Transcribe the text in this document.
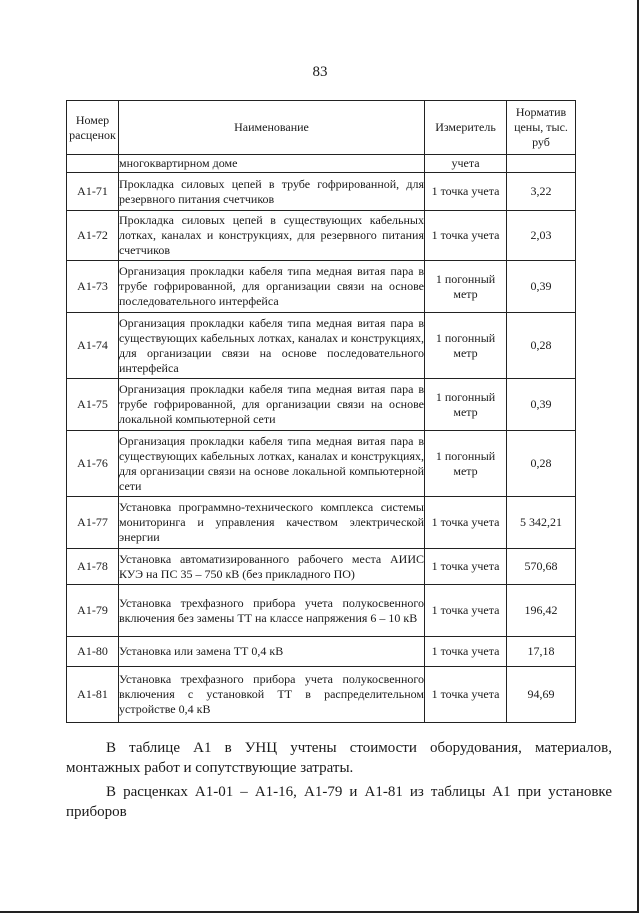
83
Номер расценок	Наименование	Измеритель	Норматив цены, тыс. руб
	многоквартирном доме	учета	
А1-71	Прокладка силовых цепей в трубе гофрированной, для резервного питания счетчиков	1 точка учета	3,22
А1-72	Прокладка силовых цепей в существующих кабельных лотках, каналах и конструкциях, для резервного питания счетчиков	1 точка учета	2,03
А1-73	Организация прокладки кабеля типа медная витая пара в трубе гофрированной, для организации связи на основе последовательного интерфейса	1 погонный метр	0,39
А1-74	Организация прокладки кабеля типа медная витая пара в существующих кабельных лотках, каналах и конструкциях, для организации связи на основе последовательного интерфейса	1 погонный метр	0,28
А1-75	Организация прокладки кабеля типа медная витая пара в трубе гофрированной, для организации связи на основе локальной компьютерной сети	1 погонный метр	0,39
А1-76	Организация прокладки кабеля типа медная витая пара в существующих кабельных лотках, каналах и конструкциях, для организации связи на основе локальной компьютерной сети	1 погонный метр	0,28
А1-77	Установка программно-технического комплекса системы мониторинга и управления качеством электрической энергии	1 точка учета	5 342,21
А1-78	Установка автоматизированного рабочего места АИИС КУЭ на ПС 35 – 750 кВ (без прикладного ПО)	1 точка учета	570,68
А1-79	Установка трехфазного прибора учета полукосвенного включения без замены ТТ на классе напряжения 6 – 10 кВ	1 точка учета	196,42
А1-80	Установка или замена ТТ 0,4 кВ	1 точка учета	17,18
А1-81	Установка трехфазного прибора учета полукосвенного включения с установкой ТТ в распределительном устройстве 0,4 кВ	1 точка учета	94,69
В таблице А1 в УНЦ учтены стоимости оборудования, материалов, монтажных работ и сопутствующие затраты.
В расценках А1-01 – А1-16, А1-79 и А1-81 из таблицы А1 при установке приборов
